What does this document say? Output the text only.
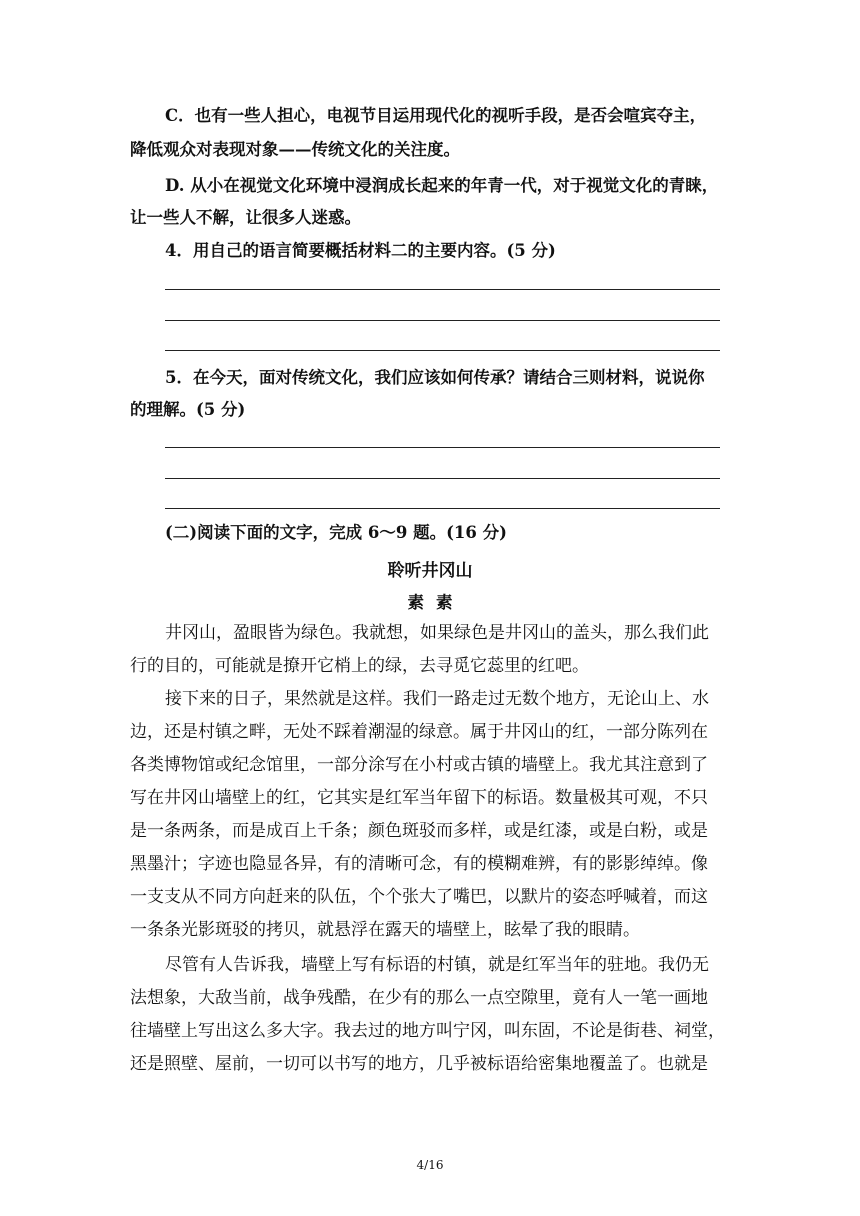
C．也有一些人担心，电视节目运用现代化的视听手段，是否会喧宾夺主，
降低观众对表现对象——传统文化的关注度。
D. 从小在视觉文化环境中浸润成长起来的年青一代，对于视觉文化的青睐，
让一些人不解，让很多人迷惑。
4．用自己的语言简要概括材料二的主要内容。(5 分)
5．在今天，面对传统文化，我们应该如何传承？请结合三则材料，说说你
的理解。(5 分)
(二)阅读下面的文字，完成 6～9 题。(16 分)
聆听井冈山
素素
井冈山，盈眼皆为绿色。我就想，如果绿色是井冈山的盖头，那么我们此
行的目的，可能就是撩开它梢上的绿，去寻觅它蕊里的红吧。
接下来的日子，果然就是这样。我们一路走过无数个地方，无论山上、水
边，还是村镇之畔，无处不踩着潮湿的绿意。属于井冈山的红，一部分陈列在
各类博物馆或纪念馆里，一部分涂写在小村或古镇的墙壁上。我尤其注意到了
写在井冈山墙壁上的红，它其实是红军当年留下的标语。数量极其可观，不只
是一条两条，而是成百上千条；颜色斑驳而多样，或是红漆，或是白粉，或是
黑墨汁；字迹也隐显各异，有的清晰可念，有的模糊难辨，有的影影绰绰。像
一支支从不同方向赶来的队伍，个个张大了嘴巴，以默片的姿态呼喊着，而这
一条条光影斑驳的拷贝，就悬浮在露天的墙壁上，眩晕了我的眼睛。
尽管有人告诉我，墙壁上写有标语的村镇，就是红军当年的驻地。我仍无
法想象，大敌当前，战争残酷，在少有的那么一点空隙里，竟有人一笔一画地
往墙壁上写出这么多大字。我去过的地方叫宁冈，叫东固，不论是街巷、祠堂，
还是照壁、屋前，一切可以书写的地方，几乎被标语给密集地覆盖了。也就是
4/16
